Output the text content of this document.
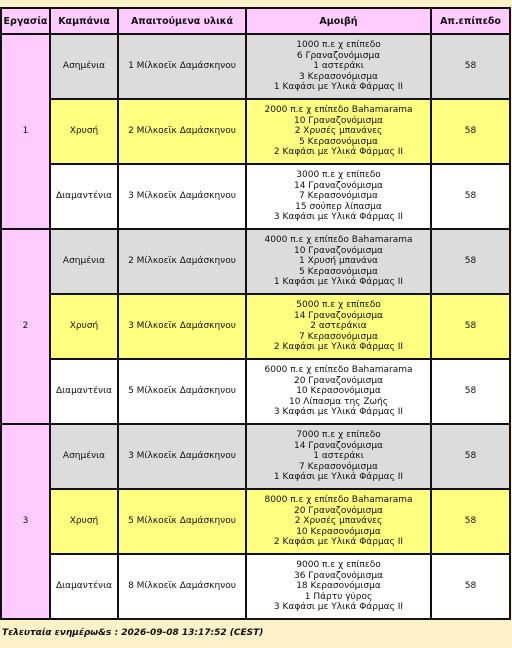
Εργασία	Καμπάνια	Απαιτούμενα υλικά	Αμοιβή	Απ.επίπεδο
1	Ασημένια	1 Μίλκοεϊκ Δαμάσκηνου	1000 π.ε χ επίπεδο
6 Γραναζονόμισμα
1 αστεράκι
3 Κερασονόμισμα
1 Καφάσι με Υλικά Φάρμας ΙΙ	58
	Χρυσή	2 Μίλκοεϊκ Δαμάσκηνου	2000 π.ε χ επίπεδο Bahamarama
10 Γραναζονόμισμα
2 Χρυσές μπανάνες
5 Κερασονόμισμα
2 Καφάσι με Υλικά Φάρμας ΙΙ	58
	Διαμαντένια	3 Μίλκοεϊκ Δαμάσκηνου	3000 π.ε χ επίπεδο
14 Γραναζονόμισμα
7 Κερασονόμισμα
15 σούπερ λίπασμα
3 Καφάσι με Υλικά Φάρμας ΙΙ	58
2	Ασημένια	2 Μίλκοεϊκ Δαμάσκηνου	4000 π.ε χ επίπεδο Bahamarama
10 Γραναζονόμισμα
1 Χρυσή μπανάνα
5 Κερασονόμισμα
1 Καφάσι με Υλικά Φάρμας ΙΙ	58
	Χρυσή	3 Μίλκοεϊκ Δαμάσκηνου	5000 π.ε χ επίπεδο
14 Γραναζονόμισμα
2 αστεράκια
7 Κερασονόμισμα
2 Καφάσι με Υλικά Φάρμας ΙΙ	58
	Διαμαντένια	5 Μίλκοεϊκ Δαμάσκηνου	6000 π.ε χ επίπεδο Bahamarama
20 Γραναζονόμισμα
10 Κερασονόμισμα
10 Λίπασμα της Ζωής
3 Καφάσι με Υλικά Φάρμας ΙΙ	58
3	Ασημένια	3 Μίλκοεϊκ Δαμάσκηνου	7000 π.ε χ επίπεδο
14 Γραναζονόμισμα
1 αστεράκι
7 Κερασονόμισμα
1 Καφάσι με Υλικά Φάρμας ΙΙ	58
	Χρυσή	5 Μίλκοεϊκ Δαμάσκηνου	8000 π.ε χ επίπεδο Bahamarama
20 Γραναζονόμισμα
2 Χρυσές μπανάνες
10 Κερασονόμισμα
2 Καφάσι με Υλικά Φάρμας ΙΙ	58
	Διαμαντένια	8 Μίλκοεϊκ Δαμάσκηνου	9000 π.ε χ επίπεδο
36 Γραναζονόμισμα
18 Κερασονόμισμα
1 Πάρτυ γύρος
3 Καφάσι με Υλικά Φάρμας ΙΙ	58
Τελευταία ενημέρω&s : 2026-09-08 13:17:52 (CEST)
